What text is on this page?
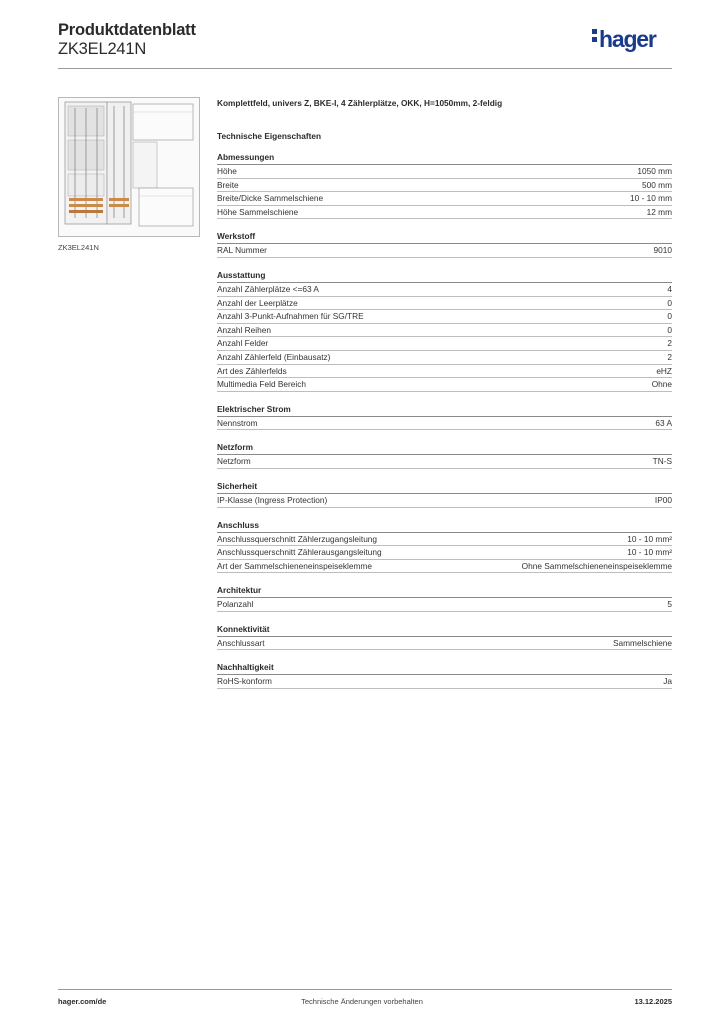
Produktdatenblatt
ZK3EL241N	hager
ZK3EL241N
Komplettfeld, univers Z, BKE-I, 4 Zählerplätze, OKK, H=1050mm, 2-feldig
Technische Eigenschaften
Abmessungen
Höhe	1050 mm
Breite	500 mm
Breite/Dicke Sammelschiene	10 - 10 mm
Höhe Sammelschiene	12 mm
Werkstoff
RAL Nummer	9010
Ausstattung
Anzahl Zählerplätze <=63 A	4
Anzahl der Leerplätze	0
Anzahl 3-Punkt-Aufnahmen für SG/TRE	0
Anzahl Reihen	0
Anzahl Felder	2
Anzahl Zählerfeld (Einbausatz)	2
Art des Zählerfelds	eHZ
Multimedia Feld Bereich	Ohne
Elektrischer Strom
Nennstrom	63 A
Netzform
Netzform	TN-S
Sicherheit
IP-Klasse (Ingress Protection)	IP00
Anschluss
Anschlussquerschnitt Zählerzugangsleitung	10 - 10 mm²
Anschlussquerschnitt Zählerausgangsleitung	10 - 10 mm²
Art der Sammelschieneneinspeiseklemme	Ohne Sammelschieneneinspeiseklemme
Architektur
Polanzahl	5
Konnektivität
Anschlussart	Sammelschiene
Nachhaltigkeit
RoHS-konform	Ja
hager.com/de	Technische Änderungen vorbehalten	13.12.2025
